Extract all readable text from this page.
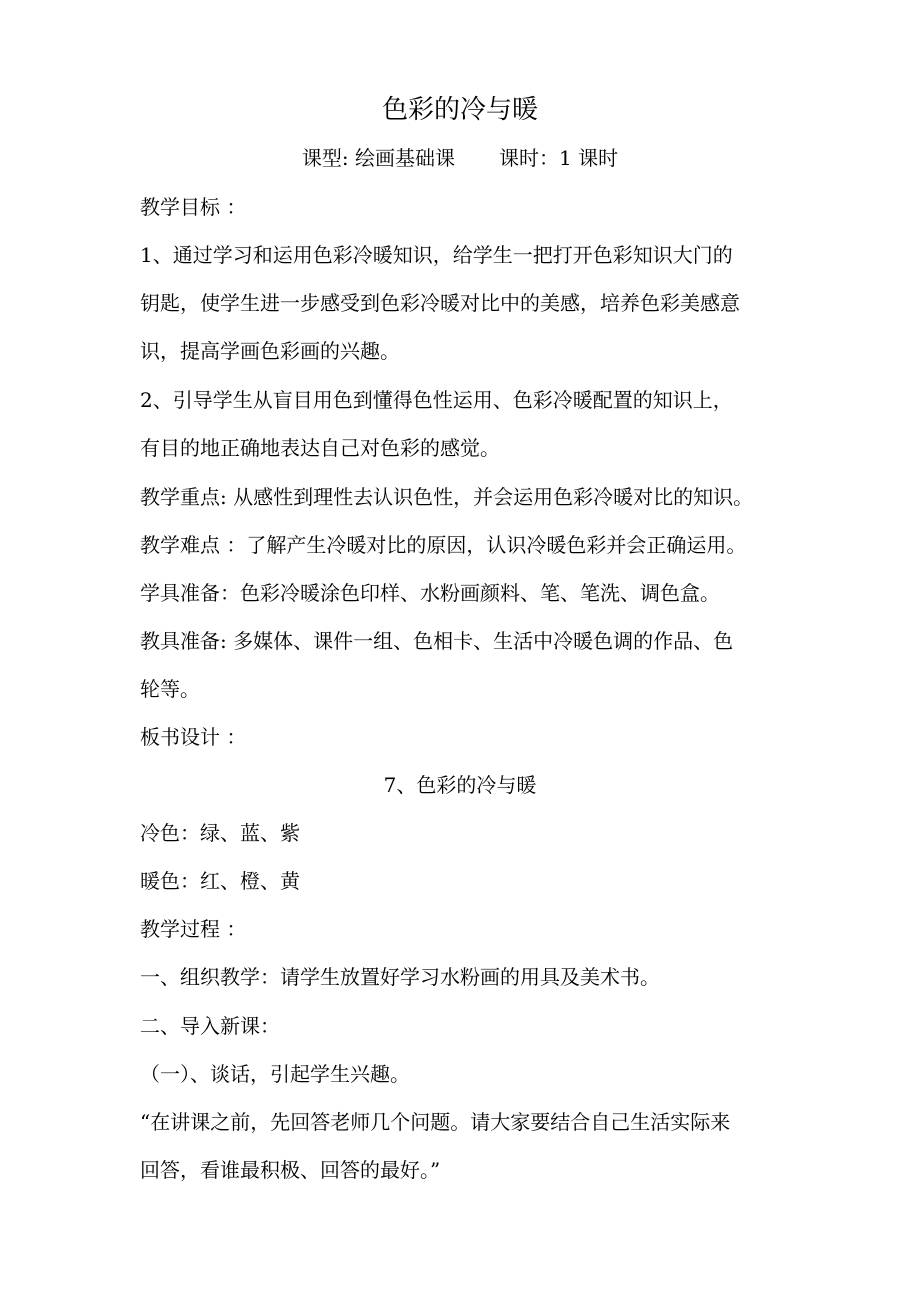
色彩的冷与暖
课型: 绘画基础课 课时：1 课时
教学目标 ：
1、通过学习和运用色彩冷暖知识，给学生一把打开色彩知识大门的
钥匙，使学生进一步感受到色彩冷暖对比中的美感，培养色彩美感意
识，提高学画色彩画的兴趣。
2、引导学生从盲目用色到懂得色性运用、色彩冷暖配置的知识上，
有目的地正确地表达自己对色彩的感觉。
教学重点: 从感性到理性去认识色性，并会运用色彩冷暖对比的知识。
教学难点 ：了解产生冷暖对比的原因，认识冷暖色彩并会正确运用。
学具准备：色彩冷暖涂色印样、水粉画颜料、笔、笔洗、调色盒。
教具准备: 多媒体、课件一组、色相卡、生活中冷暖色调的作品、色
轮等。
板书设计 ：
7、色彩的冷与暖
冷色：绿、蓝、紫
暖色：红、橙、黄
教学过程 ：
一、组织教学：请学生放置好学习水粉画的用具及美术书。
二、导入新课：
（一）、谈话，引起学生兴趣。
“在讲课之前，先回答老师几个问题。请大家要结合自己生活实际来
回答，看谁最积极、回答的最好。”
